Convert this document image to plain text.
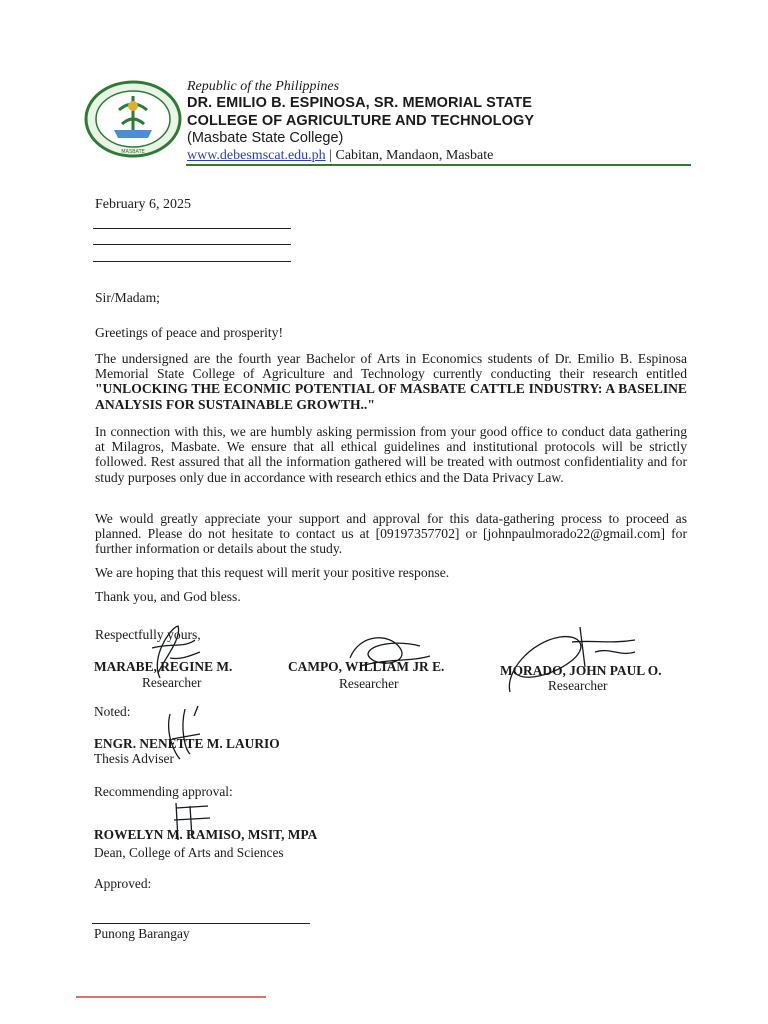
MASBATE
Republic of the Philippines
DR. EMILIO B. ESPINOSA, SR. MEMORIAL STATE
COLLEGE OF AGRICULTURE AND TECHNOLOGY
(Masbate State College)
www.debesmscat.edu.ph | Cabitan, Mandaon, Masbate
February 6, 2025
Sir/Madam;
Greetings of peace and prosperity!
The undersigned are the fourth year Bachelor of Arts in Economics students of Dr. Emilio B. Espinosa Memorial State College of Agriculture and Technology currently conducting their research entitled "UNLOCKING THE ECONMIC POTENTIAL OF MASBATE CATTLE INDUSTRY: A BASELINE ANALYSIS FOR SUSTAINABLE GROWTH.."
In connection with this, we are humbly asking permission from your good office to conduct data gathering at Milagros, Masbate. We ensure that all ethical guidelines and institutional protocols will be strictly followed. Rest assured that all the information gathered will be treated with outmost confidentiality and for study purposes only due in accordance with research ethics and the Data Privacy Law.
We would greatly appreciate your support and approval for this data-gathering process to proceed as planned. Please do not hesitate to contact us at [09197357702] or [johnpaulmorado22@gmail.com] for further information or details about the study.
We are hoping that this request will merit your positive response.
Thank you, and God bless.
Respectfully yours,
MARABE, REGINE M.
Researcher
CAMPO, WILLIAM JR E.
Researcher
MORADO, JOHN PAUL O.
Researcher
Noted:
ENGR. NENETTE M. LAURIO
Thesis Adviser
Recommending approval:
ROWELYN M. RAMISO, MSIT, MPA
Dean, College of Arts and Sciences
Approved:
Punong Barangay
